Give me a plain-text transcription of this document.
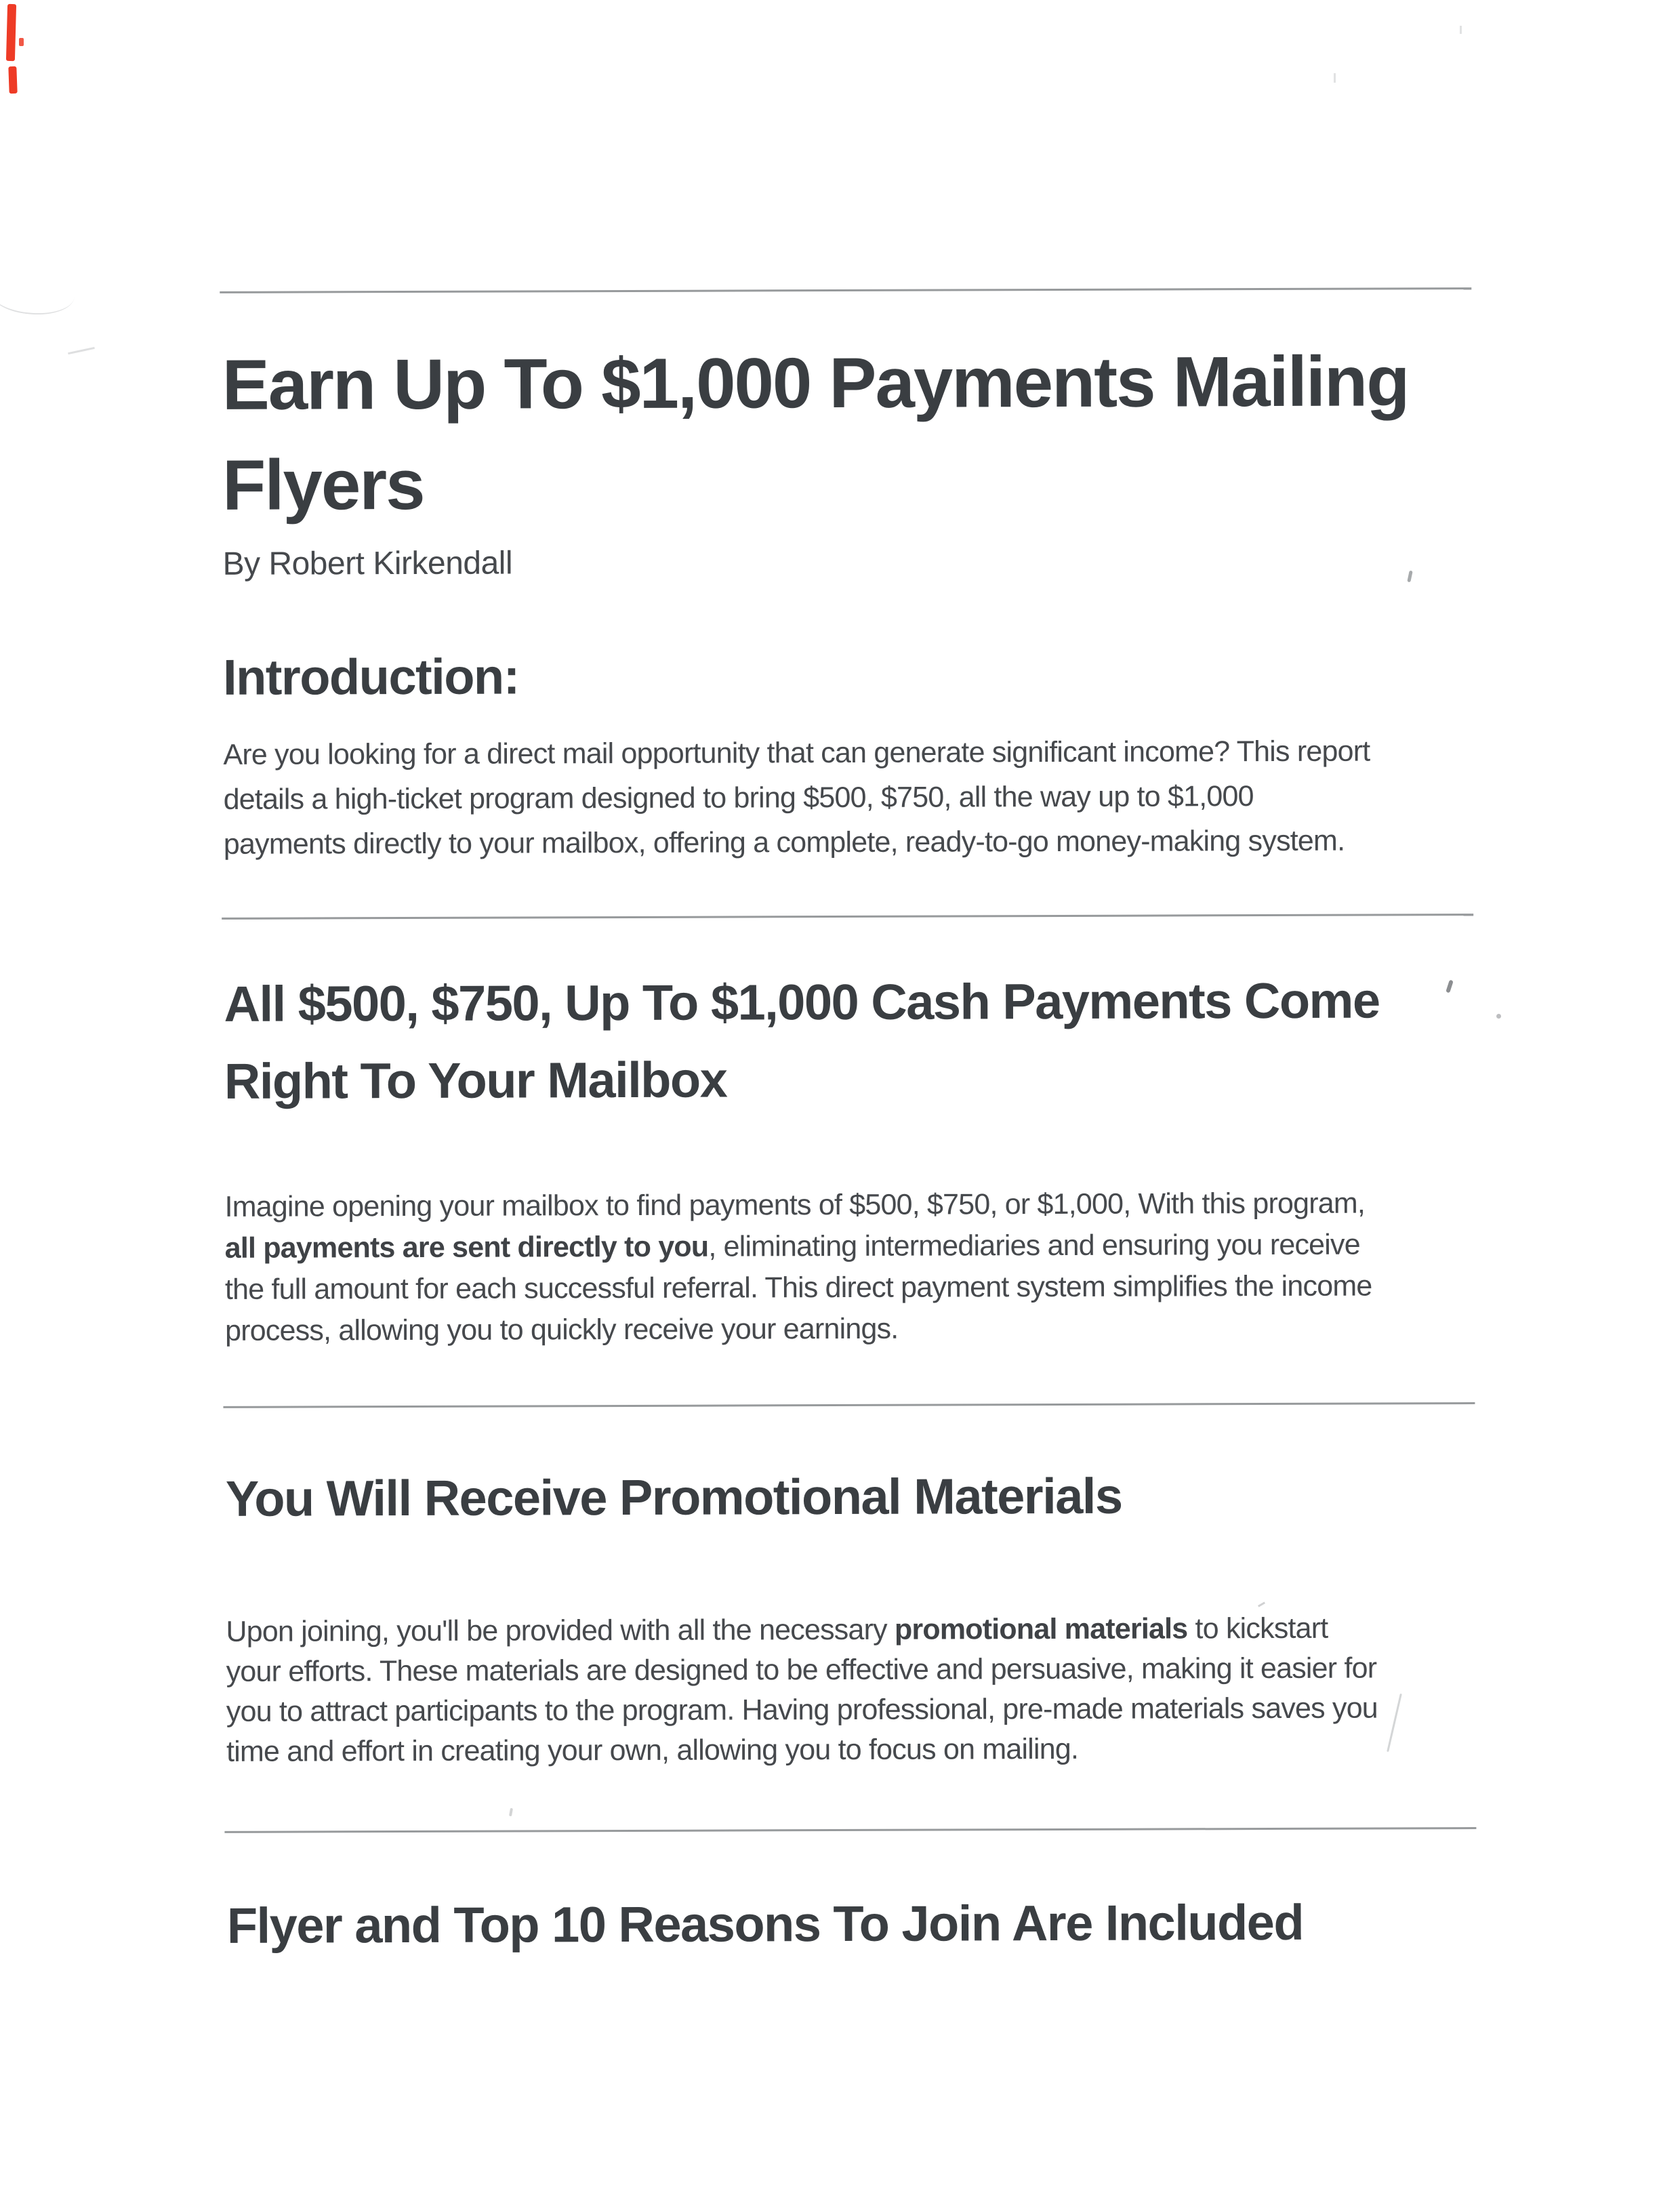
Earn Up To $1,000 Payments Mailing
Flyers
By Robert Kirkendall
Introduction:
Are you looking for a direct mail opportunity that can generate significant income? This report
details a high-ticket program designed to bring $500, $750, all the way up to $1,000
payments directly to your mailbox, offering a complete, ready-to-go money-making system.
All $500, $750, Up To $1,000 Cash Payments Come
Right To Your Mailbox
Imagine opening your mailbox to find payments of $500, $750, or $1,000, With this program,
all payments are sent directly to you, eliminating intermediaries and ensuring you receive
the full amount for each successful referral. This direct payment system simplifies the income
process, allowing you to quickly receive your earnings.
You Will Receive Promotional Materials
Upon joining, you'll be provided with all the necessary promotional materials to kickstart
your efforts. These materials are designed to be effective and persuasive, making it easier for
you to attract participants to the program. Having professional, pre-made materials saves you
time and effort in creating your own, allowing you to focus on mailing.
Flyer and Top 10 Reasons To Join Are Included
